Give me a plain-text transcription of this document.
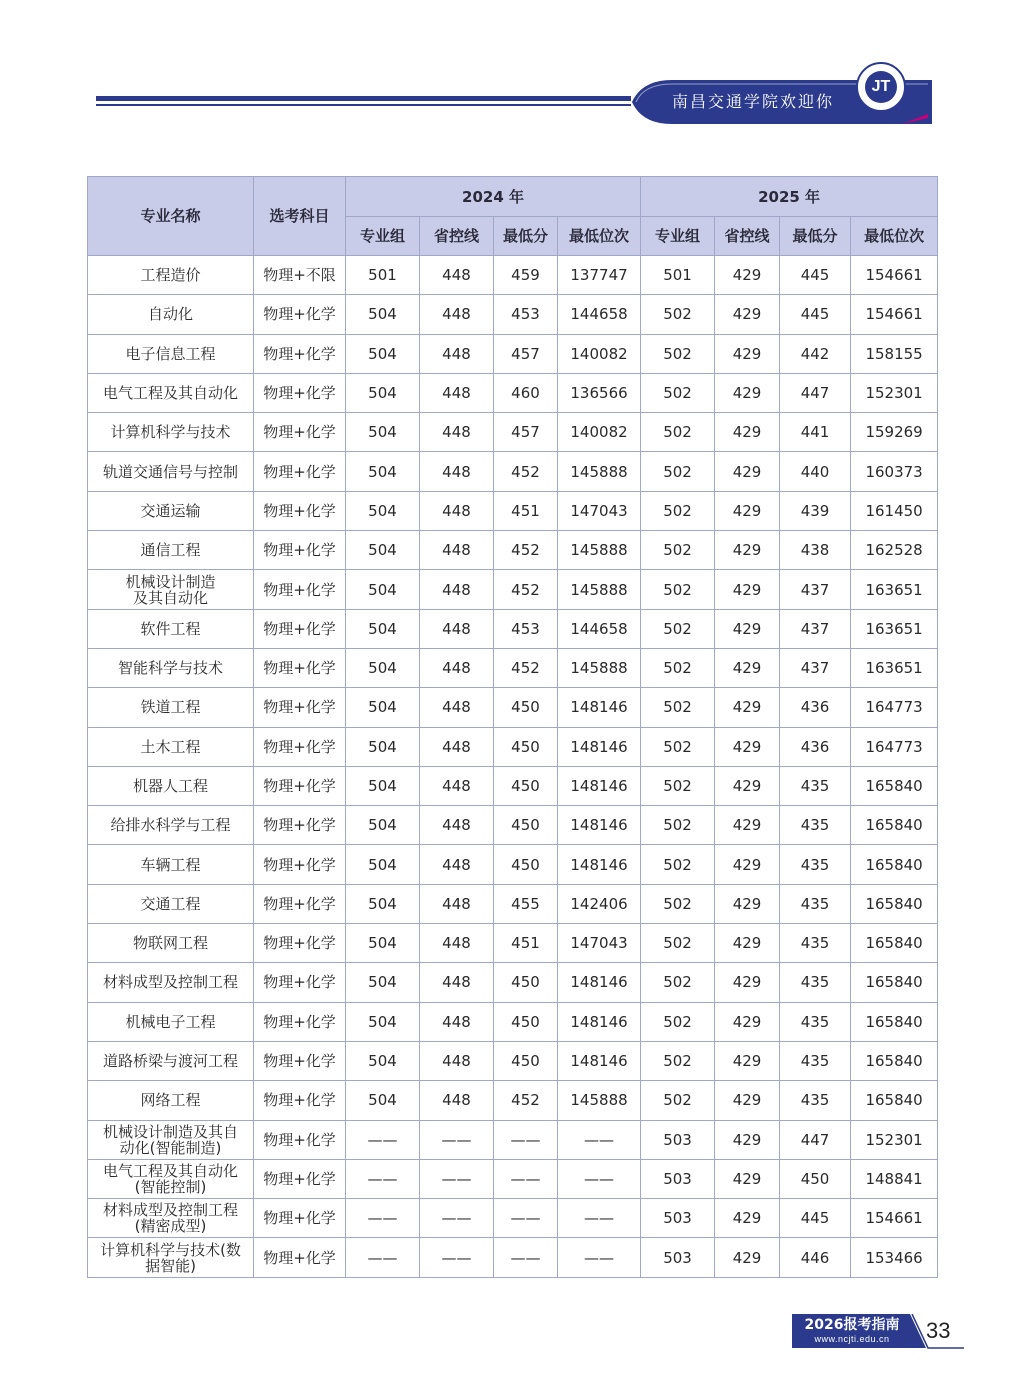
南昌交通学院欢迎你
JT
专业名称	选考科目	2024 年				2025 年			
		专业组	省控线	最低分	最低位次	专业组	省控线	最低分	最低位次
工程造价	物理+不限	501	448	459	137747	501	429	445	154661
自动化	物理+化学	504	448	453	144658	502	429	445	154661
电子信息工程	物理+化学	504	448	457	140082	502	429	442	158155
电气工程及其自动化	物理+化学	504	448	460	136566	502	429	447	152301
计算机科学与技术	物理+化学	504	448	457	140082	502	429	441	159269
轨道交通信号与控制	物理+化学	504	448	452	145888	502	429	440	160373
交通运输	物理+化学	504	448	451	147043	502	429	439	161450
通信工程	物理+化学	504	448	452	145888	502	429	438	162528
机械设计制造
及其自动化	物理+化学	504	448	452	145888	502	429	437	163651
软件工程	物理+化学	504	448	453	144658	502	429	437	163651
智能科学与技术	物理+化学	504	448	452	145888	502	429	437	163651
铁道工程	物理+化学	504	448	450	148146	502	429	436	164773
土木工程	物理+化学	504	448	450	148146	502	429	436	164773
机器人工程	物理+化学	504	448	450	148146	502	429	435	165840
给排水科学与工程	物理+化学	504	448	450	148146	502	429	435	165840
车辆工程	物理+化学	504	448	450	148146	502	429	435	165840
交通工程	物理+化学	504	448	455	142406	502	429	435	165840
物联网工程	物理+化学	504	448	451	147043	502	429	435	165840
材料成型及控制工程	物理+化学	504	448	450	148146	502	429	435	165840
机械电子工程	物理+化学	504	448	450	148146	502	429	435	165840
道路桥梁与渡河工程	物理+化学	504	448	450	148146	502	429	435	165840
网络工程	物理+化学	504	448	452	145888	502	429	435	165840
机械设计制造及其自
动化(智能制造)	物理+化学	——	——	——	——	503	429	447	152301
电气工程及其自动化
(智能控制)	物理+化学	——	——	——	——	503	429	450	148841
材料成型及控制工程
(精密成型)	物理+化学	——	——	——	——	503	429	445	154661
计算机科学与技术(数
据智能)	物理+化学	——	——	——	——	503	429	446	153466
2026报考指南
www.ncjti.edu.cn	33
